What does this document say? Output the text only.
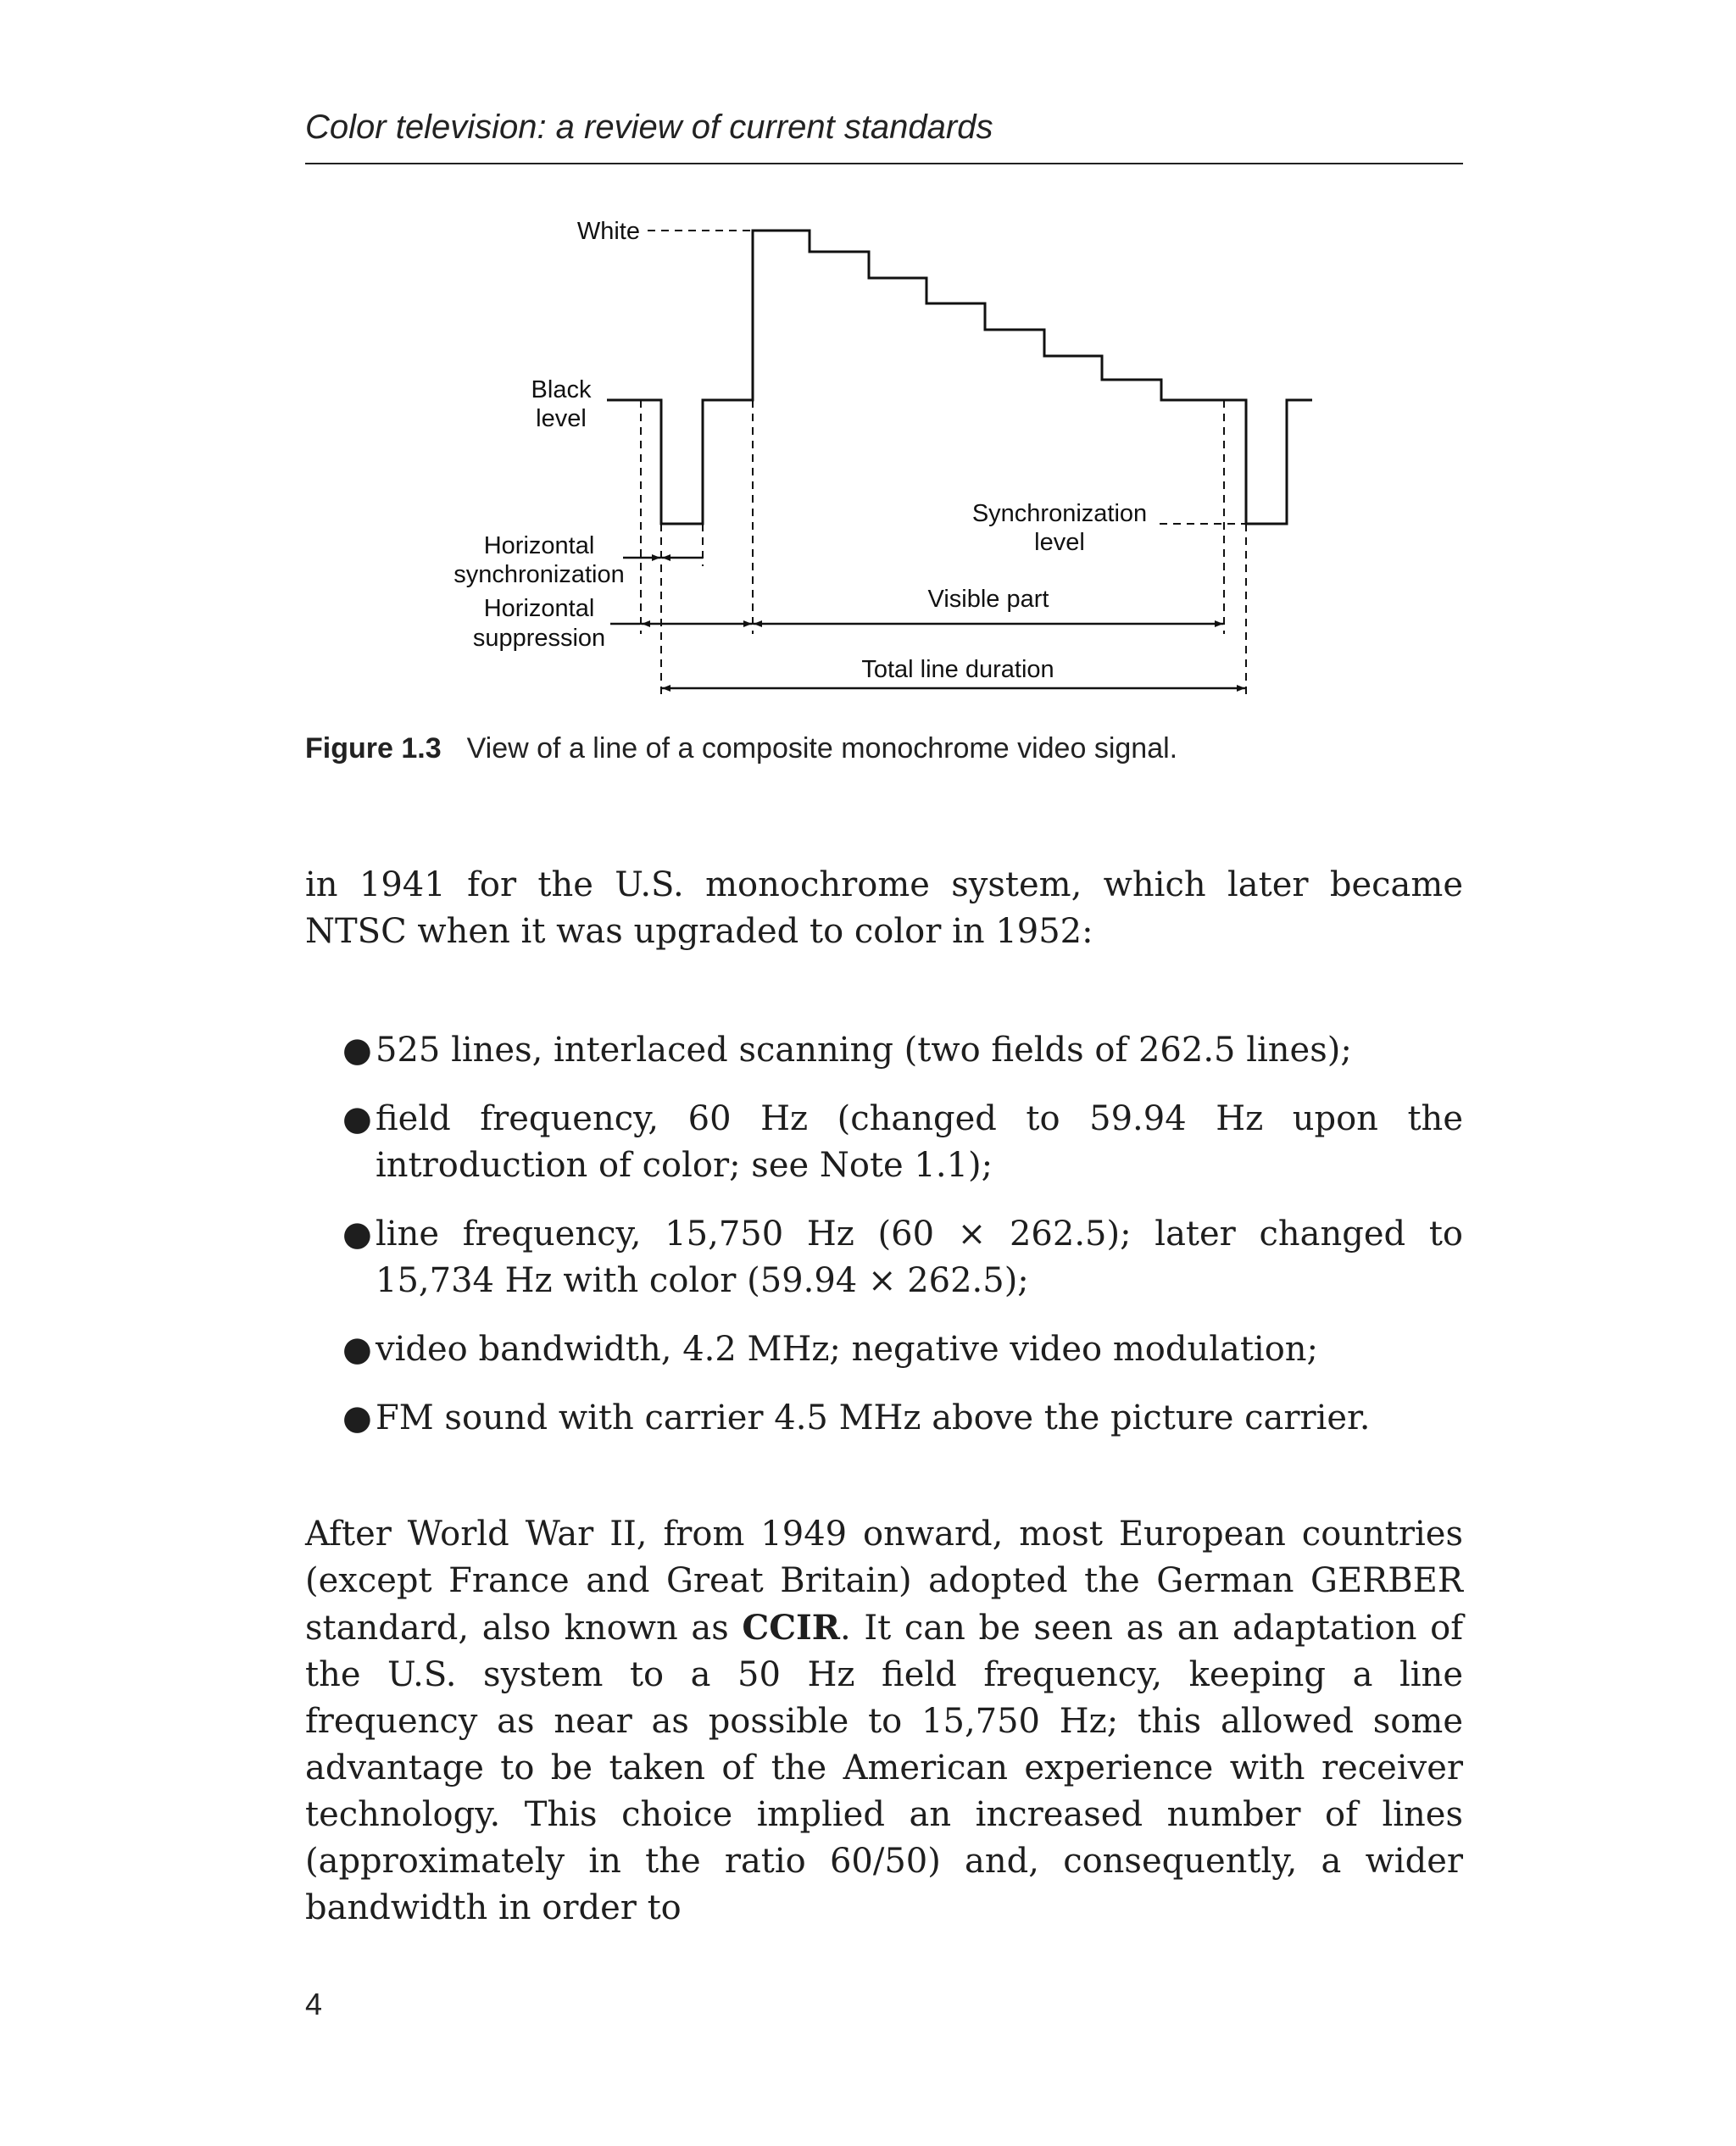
Color television: a review of current standards
White
Black
level
Synchronization
level
Horizontal
synchronization
Horizontal
suppression
Visible part
Total line duration
Figure 1.3 View of a line of a composite monochrome video signal.

in 1941 for the U.S. monochrome system, which later became NTSC when it was upgraded to color in 1952:

● 525 lines, interlaced scanning (two fields of 262.5 lines);
● field frequency, 60 Hz (changed to 59.94 Hz upon the introduction of color; see Note 1.1);
● line frequency, 15,750 Hz (60 × 262.5); later changed to 15,734 Hz with color (59.94 × 262.5);
● video bandwidth, 4.2 MHz; negative video modulation;
● FM sound with carrier 4.5 MHz above the picture carrier.

After World War II, from 1949 onward, most European countries (except France and Great Britain) adopted the German GERBER standard, also known as CCIR. It can be seen as an adaptation of the U.S. system to a 50 Hz field frequency, keeping a line frequency as near as possible to 15,750 Hz; this allowed some advantage to be taken of the American experience with receiver technology. This choice implied an increased number of lines (approximately in the ratio 60/50) and, consequently, a wider bandwidth in order to

4
